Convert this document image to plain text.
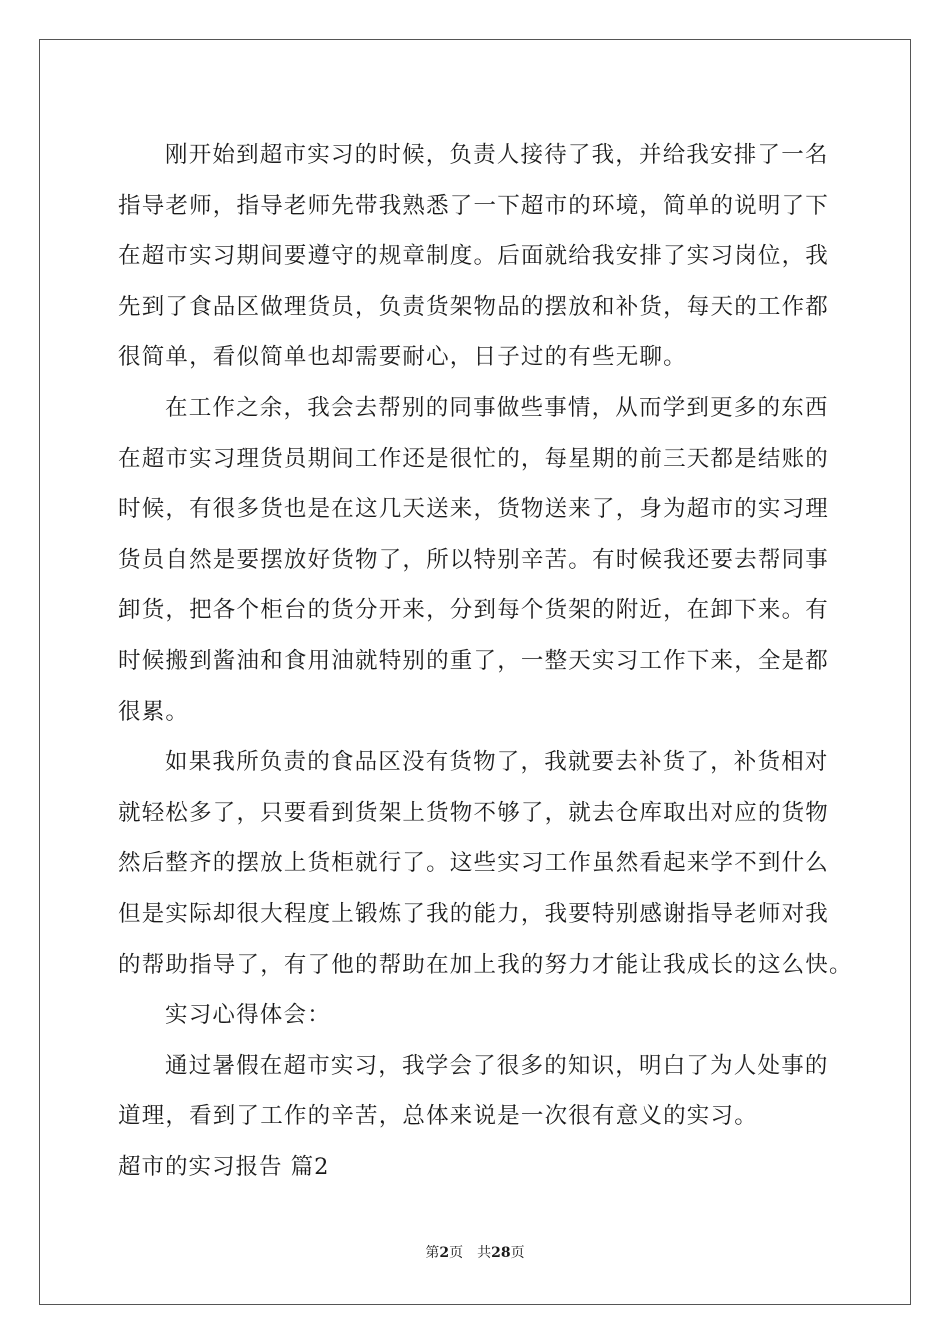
刚开始到超市实习的时候，负责人接待了我，并给我安排了一名
指导老师，指导老师先带我熟悉了一下超市的环境，简单的说明了下
在超市实习期间要遵守的规章制度。后面就给我安排了实习岗位，我
先到了食品区做理货员，负责货架物品的摆放和补货，每天的工作都
很简单，看似简单也却需要耐心，日子过的有些无聊。
在工作之余，我会去帮别的同事做些事情，从而学到更多的东西
在超市实习理货员期间工作还是很忙的，每星期的前三天都是结账的
时候，有很多货也是在这几天送来，货物送来了，身为超市的实习理
货员自然是要摆放好货物了，所以特别辛苦。有时候我还要去帮同事
卸货，把各个柜台的货分开来，分到每个货架的附近，在卸下来。有
时候搬到酱油和食用油就特别的重了，一整天实习工作下来，全是都
很累。
如果我所负责的食品区没有货物了，我就要去补货了，补货相对
就轻松多了，只要看到货架上货物不够了，就去仓库取出对应的货物
然后整齐的摆放上货柜就行了。这些实习工作虽然看起来学不到什么
但是实际却很大程度上锻炼了我的能力，我要特别感谢指导老师对我
的帮助指导了，有了他的帮助在加上我的努力才能让我成长的这么快。
实习心得体会：
通过暑假在超市实习，我学会了很多的知识，明白了为人处事的
道理，看到了工作的辛苦，总体来说是一次很有意义的实习。
超市的实习报告 篇2
第2页 共28页
